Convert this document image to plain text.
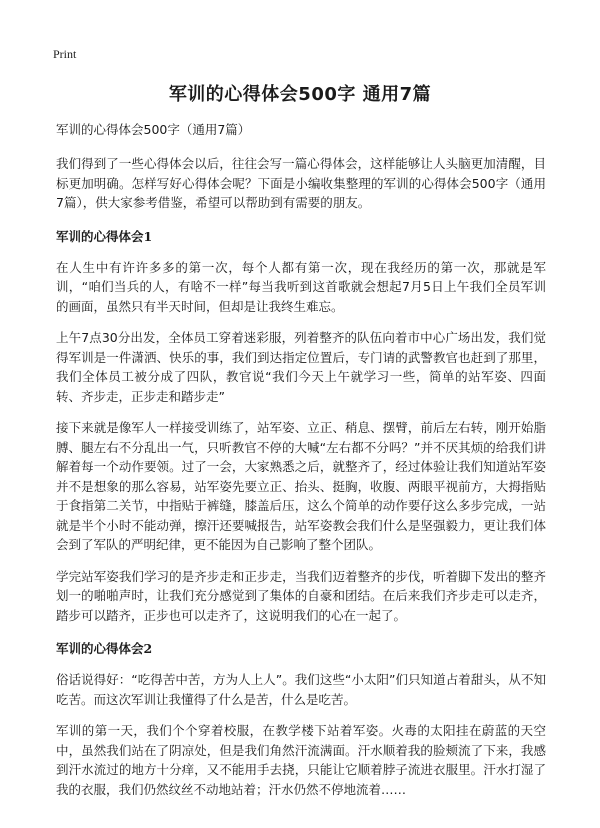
Print
军训的心得体会500字 通用7篇

军训的心得体会500字（通用7篇）

我们得到了一些心得体会以后，往往会写一篇心得体会，这样能够让人头脑更加清醒，目标更加明确。怎样写好心得体会呢？下面是小编收集整理的军训的心得体会500字（通用7篇），供大家参考借鉴，希望可以帮助到有需要的朋友。

军训的心得体会1

在人生中有许许多多的第一次，每个人都有第一次，现在我经历的第一次，那就是军训，“咱们当兵的人，有啥不一样”每当我听到这首歌就会想起7月5日上午我们全员军训的画面，虽然只有半天时间，但却是让我终生难忘。

上午7点30分出发，全体员工穿着迷彩服，列着整齐的队伍向着市中心广场出发，我们觉得军训是一件潇洒、快乐的事，我们到达指定位置后，专门请的武警教官也赶到了那里，我们全体员工被分成了四队，教官说“我们今天上午就学习一些，简单的站军姿、四面转、齐步走，正步走和踏步走”

接下来就是像军人一样接受训练了，站军姿、立正、稍息、摆臂，前后左右转，刚开始脂膊、腿左右不分乱出一气，只听教官不停的大喊“左右都不分吗？”并不厌其烦的给我们讲解着每一个动作要领。过了一会，大家熟悉之后，就整齐了，经过体验让我们知道站军姿并不是想象的那么容易，站军姿先要立正、抬头、挺胸，收腹、两眼平视前方，大拇指贴于食指第二关节，中指贴于裤缝，膝盖后压，这么个简单的动作要仔这么多步完成，一站就是半个小时不能动弹，擦汗还要喊报告，站军姿教会我们什么是坚强毅力，更让我们体会到了军队的严明纪律，更不能因为自己影响了整个团队。

学完站军姿我们学习的是齐步走和正步走，当我们迈着整齐的步伐，听着脚下发出的整齐划一的啪啪声时，让我们充分感觉到了集体的自豪和团结。在后来我们齐步走可以走齐，踏步可以踏齐，正步也可以走齐了，这说明我们的心在一起了。

军训的心得体会2

俗话说得好：“吃得苦中苦，方为人上人”。我们这些“小太阳”们只知道占着甜头，从不知吃苦。而这次军训让我懂得了什么是苦，什么是吃苦。

军训的第一天，我们个个穿着校服，在教学楼下站着军姿。火毒的太阳挂在蔚蓝的天空中，虽然我们站在了阴凉处，但是我们角然汗流满面。汗水顺着我的脸颊流了下来，我感到汗水流过的地方十分痒，又不能用手去挠，只能让它顺着脖子流进衣服里。汗水打湿了我的衣服，我们仍然纹丝不动地站着；汗水仍然不停地流着……
